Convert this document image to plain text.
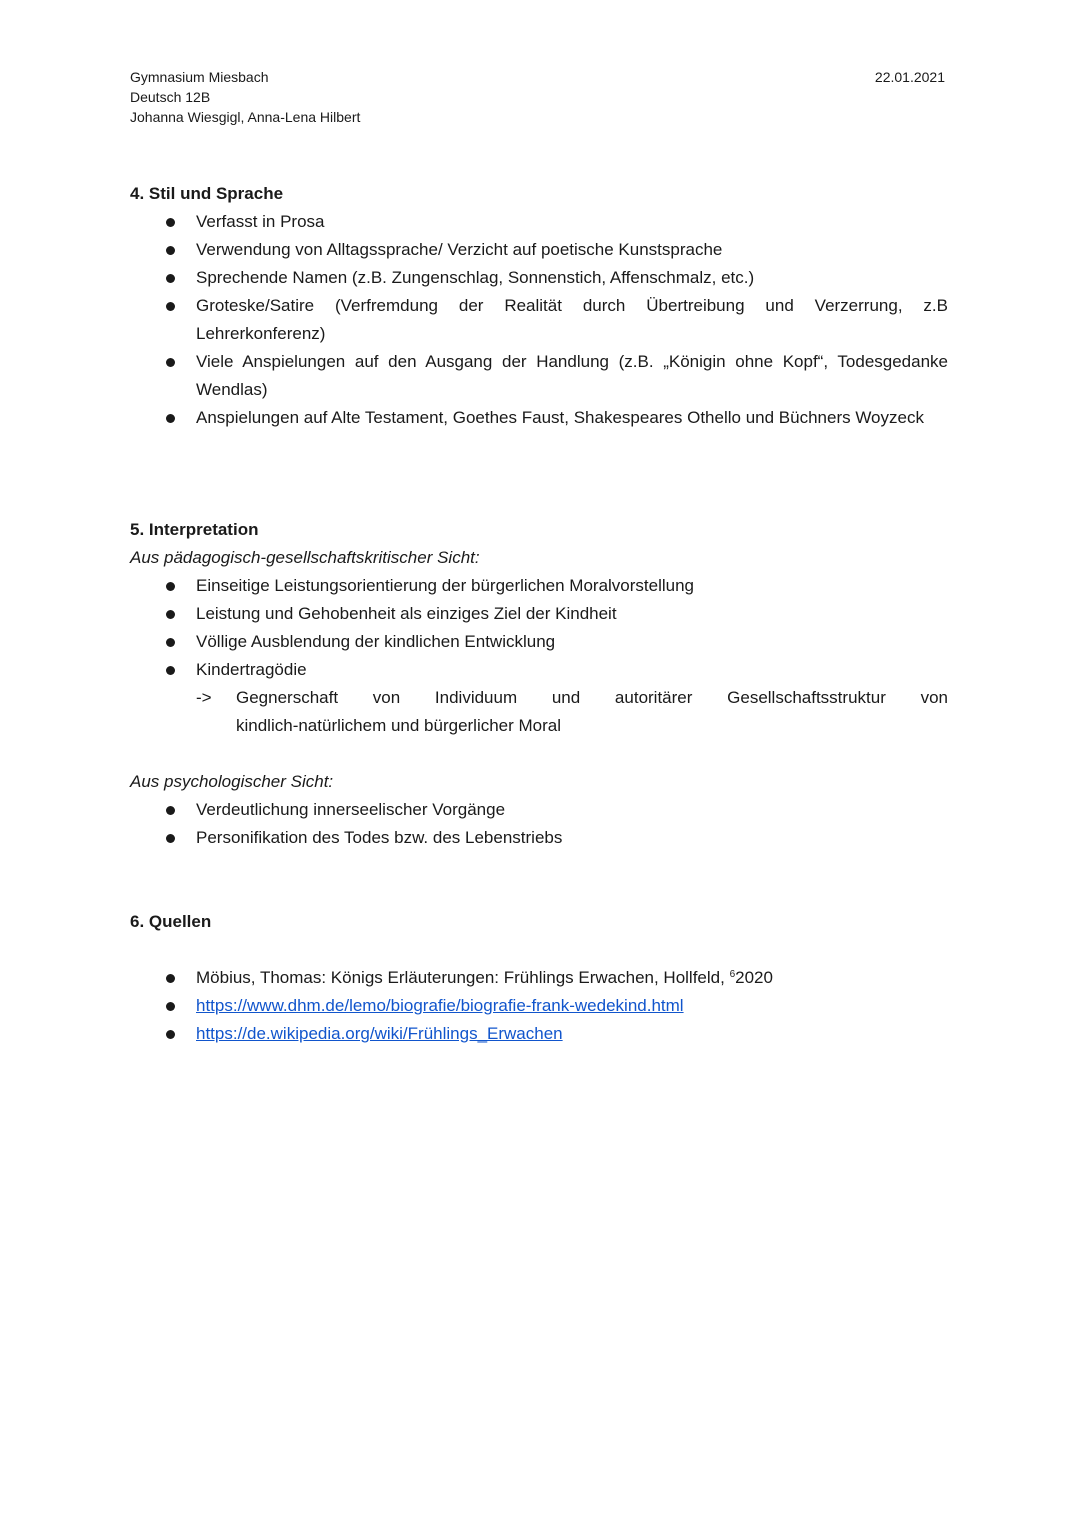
Gymnasium Miesbach
Deutsch 12B
Johanna Wiesgigl, Anna-Lena Hilbert
22.01.2021

4. Stil und Sprache

Verfasst in Prosa
Verwendung von Alltagssprache/ Verzicht auf poetische Kunstsprache
Sprechende Namen (z.B. Zungenschlag, Sonnenstich, Affenschmalz, etc.)
Groteske/Satire (Verfremdung der Realität durch Übertreibung und Verzerrung, z.B Lehrerkonferenz)
Viele Anspielungen auf den Ausgang der Handlung (z.B. „Königin ohne Kopf“, Todesgedanke Wendlas)
Anspielungen auf Alte Testament, Goethes Faust, Shakespeares Othello und Büchners Woyzeck

5. Interpretation

Aus pädagogisch-gesellschaftskritischer Sicht:

Einseitige Leistungsorientierung der bürgerlichen Moralvorstellung
Leistung und Gehobenheit als einziges Ziel der Kindheit
Völlige Ausblendung der kindlichen Entwicklung
Kindertragödie
-> Gegnerschaft von Individuum und autoritärer Gesellschaftsstruktur von
kindlich-natürlichem und bürgerlicher Moral

Aus psychologischer Sicht:

Verdeutlichung innerseelischer Vorgänge
Personifikation des Todes bzw. des Lebenstriebs

6. Quellen

Möbius, Thomas: Königs Erläuterungen: Frühlings Erwachen, Hollfeld, $^6$2020
https://www.dhm.de/lemo/biografie/biografie-frank-wedekind.html
https://de.wikipedia.org/wiki/Frühlings_Erwachen
